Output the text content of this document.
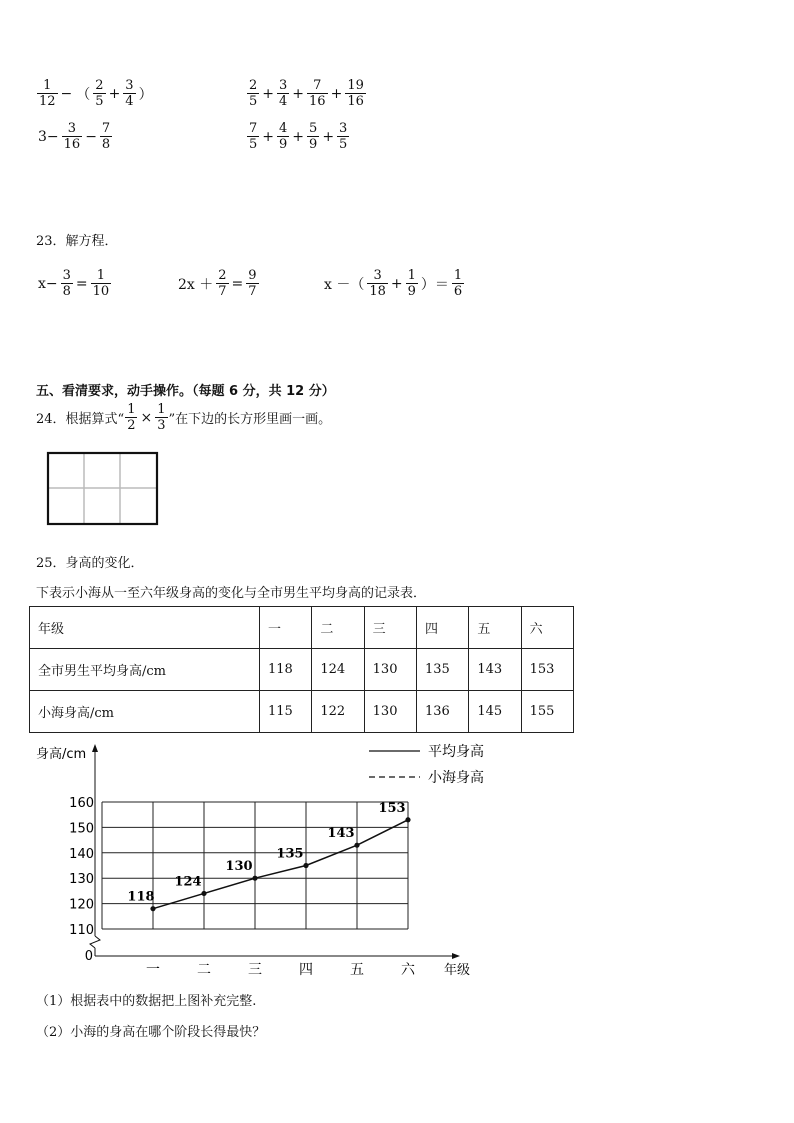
$\frac{1}{12}$ − （ $\frac{2}{5} + \frac{3}{4}$ ）	$\frac{2}{5} + \frac{3}{4} + \frac{7}{16} + \frac{19}{16}$
$3- \frac{3}{16} - \frac{7}{8}$	$\frac{7}{5} + \frac{4}{9} + \frac{5}{9} + \frac{3}{5}$
23．解方程．
$x- \frac{3}{8} = \frac{1}{10}$	$2x + \frac{2}{7} = \frac{9}{7}$	x －（ $\frac{3}{18} + \frac{1}{9}$ ）＝ $\frac{1}{6}$
五、看清要求，动手操作。（每题 6 分，共 12 分）
24．根据算式“ $\frac{1}{2} \times \frac{1}{3}$ ”在下边的长方形里画一画。
25．身高的变化．
下表示小海从一至六年级身高的变化与全市男生平均身高的记录表．
年级	一	二	三	四	五	六
全市男生平均身高/cm	118	124	130	135	143	153
小海身高/cm	115	122	130	136	145	155
身高/cm
年级
平均身高
小海身高
160
150
140
130
120
110
0
一	二	三	四	五	六
118
124
130
135
143
153
（1）根据表中的数据把上图补充完整.
（2）小海的身高在哪个阶段长得最快？
